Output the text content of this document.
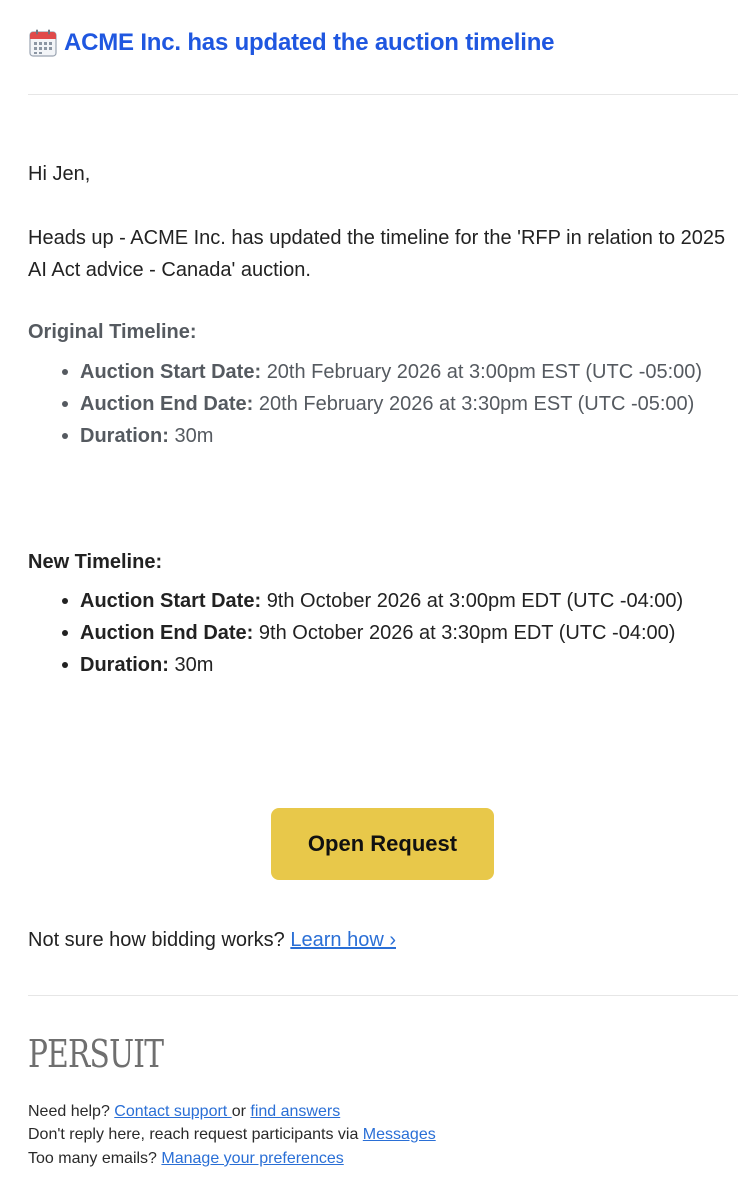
ACME Inc. has updated the auction timeline
Hi Jen,
Heads up - ACME Inc. has updated the timeline for the 'RFP in relation to 2025 AI Act advice - Canada' auction.
Original Timeline:
Auction Start Date: 20th February 2026 at 3:00pm EST (UTC -05:00)
Auction End Date: 20th February 2026 at 3:30pm EST (UTC -05:00)
Duration: 30m
New Timeline:
Auction Start Date: 9th October 2026 at 3:00pm EDT (UTC -04:00)
Auction End Date: 9th October 2026 at 3:30pm EDT (UTC -04:00)
Duration: 30m
Open Request
Not sure how bidding works? Learn how ›
PERSUIT
Need help? Contact support or find answers
Don't reply here, reach request participants via Messages
Too many emails? Manage your preferences
